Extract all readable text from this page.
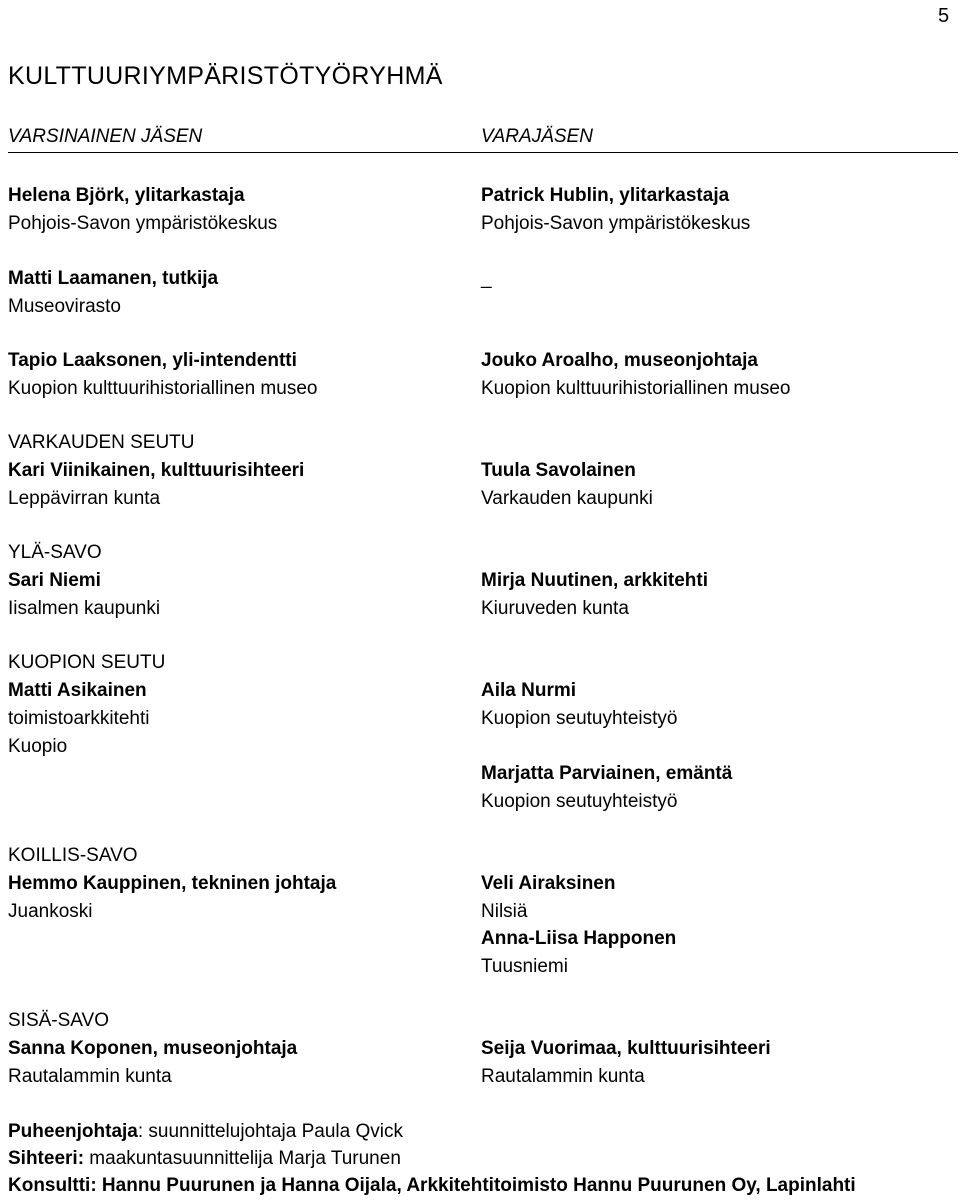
5
KULTTUURIYMPÄRISTÖTYÖRYHMÄ
VARSINAINEN JÄSEN	VARAJÄSEN
Helena Björk, ylitarkastaja
Pohjois-Savon ympäristökeskus
Matti Laamanen, tutkija
Museovirasto
Tapio Laaksonen, yli-intendentti
Kuopion kulttuurihistoriallinen museo
VARKAUDEN SEUTU
Kari Viinikainen, kulttuurisihteeri
Leppävirran kunta
YLÄ-SAVO
Sari Niemi
Iisalmen kaupunki
KUOPION SEUTU
Matti Asikainen
toimistoarkkitehti
Kuopio
KOILLIS-SAVO
Hemmo Kauppinen, tekninen johtaja
Juankoski
SISÄ-SAVO
Sanna Koponen, museonjohtaja
Rautalammin kunta
Patrick Hublin, ylitarkastaja
Pohjois-Savon ympäristökeskus
_
Jouko Aroalho, museonjohtaja
Kuopion kulttuurihistoriallinen museo
Tuula Savolainen
Varkauden kaupunki
Mirja Nuutinen, arkkitehti
Kiuruveden kunta
Aila Nurmi
Kuopion seutuyhteistyö
Marjatta Parviainen, emäntä
Kuopion seutuyhteistyö
Veli Airaksinen
Nilsiä
Anna-Liisa Happonen
Tuusniemi
Seija Vuorimaa, kulttuurisihteeri
Rautalammin kunta
Puheenjohtaja: suunnittelujohtaja Paula Qvick
Sihteeri: maakuntasuunnittelija Marja Turunen
Konsultti: Hannu Puurunen ja Hanna Oijala, Arkkitehtitoimisto Hannu Puurunen Oy, Lapinlahti
